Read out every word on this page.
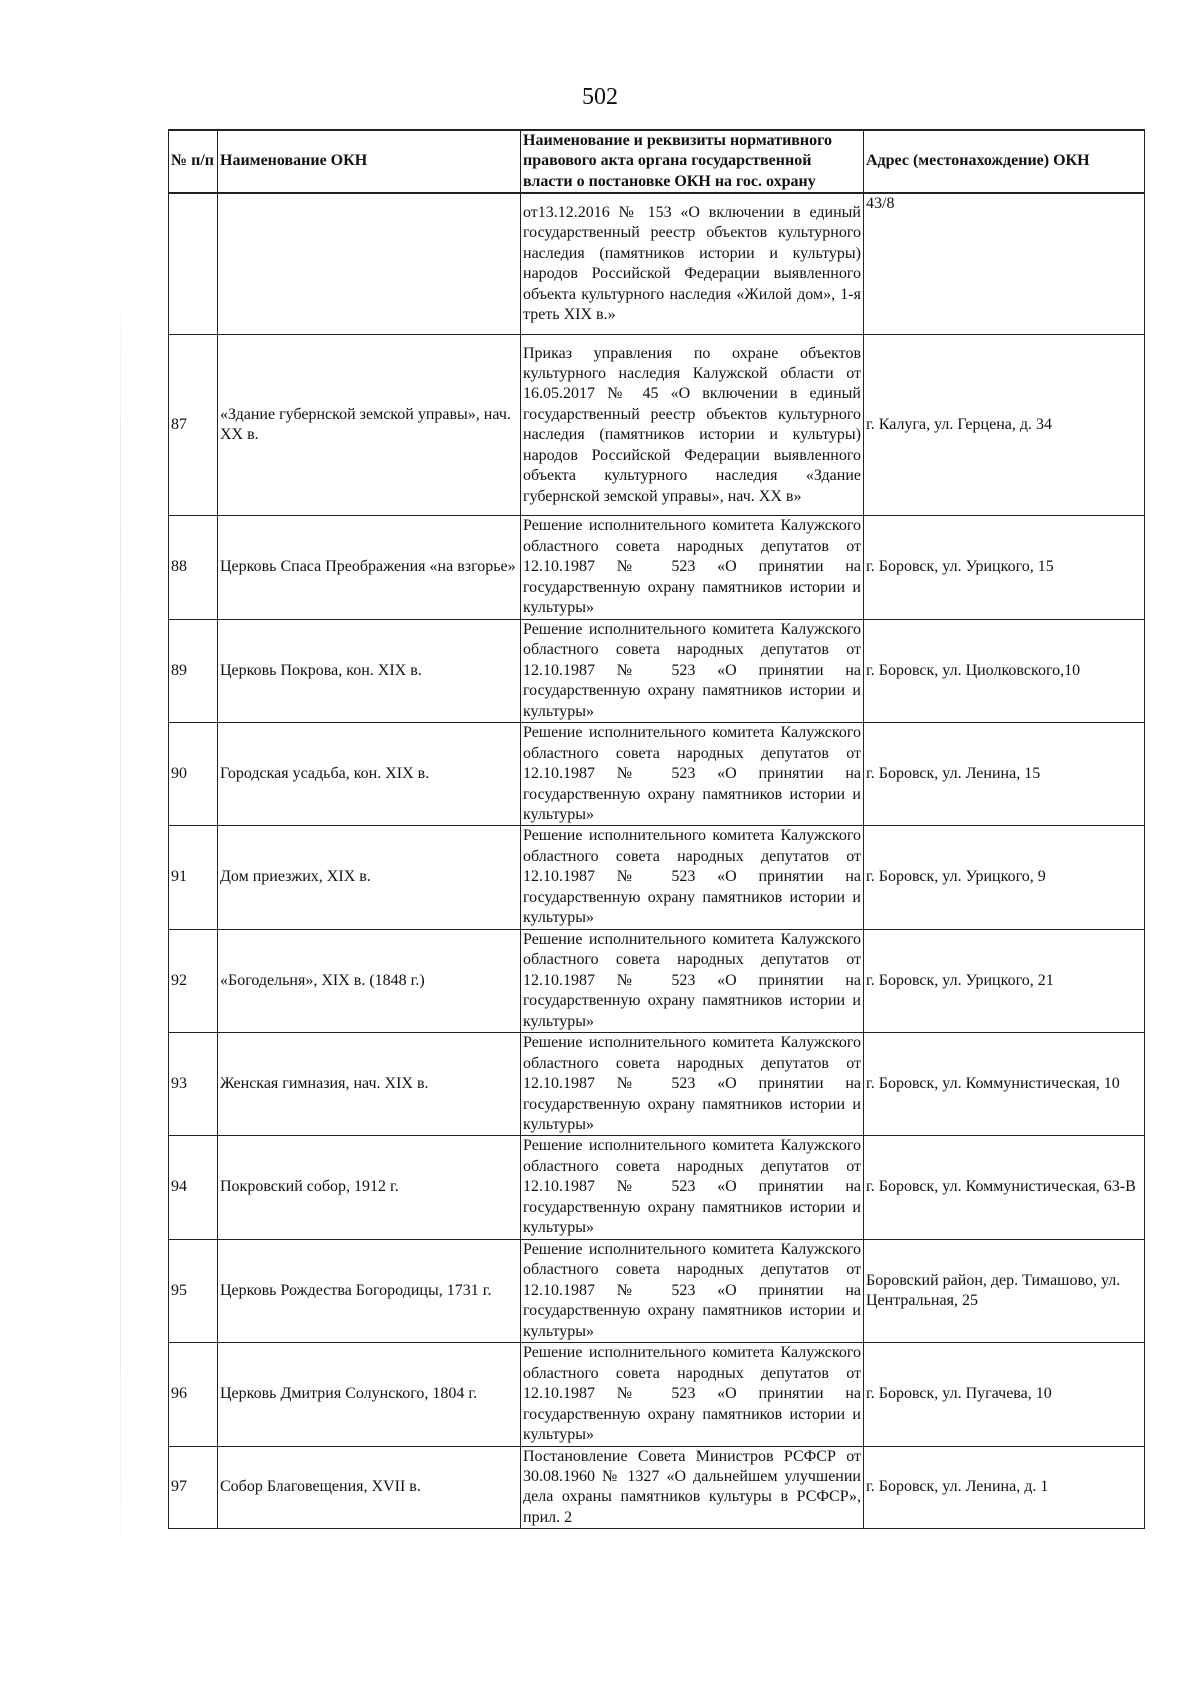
502
№ п/п	Наименование ОКН	Наименование и реквизиты нормативного правового акта органа государственной власти о постановке ОКН на гос. охрану	Адрес (местонахождение) ОКН
		от13.12.2016 № 153 «О включении в единый государственный реестр объектов культурного наследия (памятников истории и культуры) народов Российской Федерации выявленного объекта культурного наследия «Жилой дом», 1-я треть XIX в.»	43/8
87	«Здание губернской земской управы», нач. XX в.	Приказ управления по охране объектов культурного наследия Калужской области от 16.05.2017 № 45 «О включении в единый государственный реестр объектов культурного наследия (памятников истории и культуры) народов Российской Федерации выявленного объекта культурного наследия «Здание губернской земской управы», нач. XX в»	г. Калуга, ул. Герцена, д. 34
88	Церковь Спаса Преображения «на взгорье»	Решение исполнительного комитета Калужского областного совета народных депутатов от 12.10.1987 № 523 «О принятии на государственную охрану памятников истории и культуры»	г. Боровск, ул. Урицкого, 15
89	Церковь Покрова, кон. XIX в.	Решение исполнительного комитета Калужского областного совета народных депутатов от 12.10.1987 № 523 «О принятии на государственную охрану памятников истории и культуры»	г. Боровск, ул. Циолковского,10
90	Городская усадьба, кон. XIX в.	Решение исполнительного комитета Калужского областного совета народных депутатов от 12.10.1987 № 523 «О принятии на государственную охрану памятников истории и культуры»	г. Боровск, ул. Ленина, 15
91	Дом приезжих, XIX в.	Решение исполнительного комитета Калужского областного совета народных депутатов от 12.10.1987 № 523 «О принятии на государственную охрану памятников истории и культуры»	г. Боровск, ул. Урицкого, 9
92	«Богодельня», XIX в. (1848 г.)	Решение исполнительного комитета Калужского областного совета народных депутатов от 12.10.1987 № 523 «О принятии на государственную охрану памятников истории и культуры»	г. Боровск, ул. Урицкого, 21
93	Женская гимназия, нач. XIX в.	Решение исполнительного комитета Калужского областного совета народных депутатов от 12.10.1987 № 523 «О принятии на государственную охрану памятников истории и культуры»	г. Боровск, ул. Коммунистическая, 10
94	Покровский собор, 1912 г.	Решение исполнительного комитета Калужского областного совета народных депутатов от 12.10.1987 № 523 «О принятии на государственную охрану памятников истории и культуры»	г. Боровск, ул. Коммунистическая, 63-В
95	Церковь Рождества Богородицы, 1731 г.	Решение исполнительного комитета Калужского областного совета народных депутатов от 12.10.1987 № 523 «О принятии на государственную охрану памятников истории и культуры»	Боровский район, дер. Тимашово, ул. Центральная, 25
96	Церковь Дмитрия Солунского, 1804 г.	Решение исполнительного комитета Калужского областного совета народных депутатов от 12.10.1987 № 523 «О принятии на государственную охрану памятников истории и культуры»	г. Боровск, ул. Пугачева, 10
97	Собор Благовещения, XVII в.	Постановление Совета Министров РСФСР от 30.08.1960 № 1327 «О дальнейшем улучшении дела охраны памятников культуры в РСФСР», прил. 2	г. Боровск, ул. Ленина, д. 1
